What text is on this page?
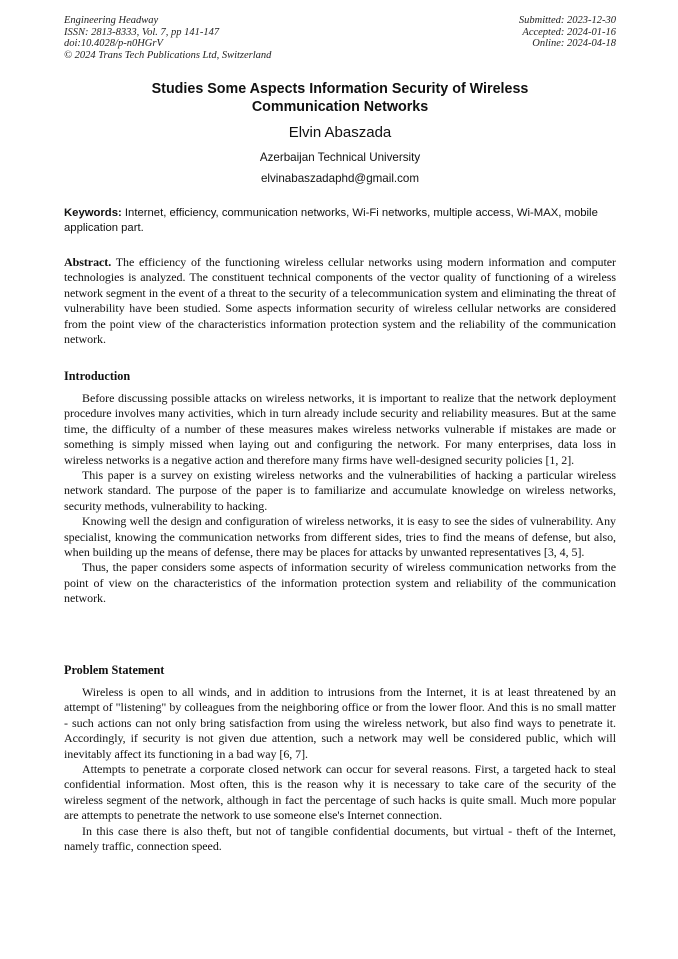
Engineering Headway
ISSN: 2813-8333, Vol. 7, pp 141-147
doi:10.4028/p-n0HGrV
© 2024 Trans Tech Publications Ltd, Switzerland
Submitted: 2023-12-30
Accepted: 2024-01-16
Online: 2024-04-18
Studies Some Aspects Information Security of Wireless
Communication Networks
Elvin Abaszada
Azerbaijan Technical University
elvinabaszadaphd@gmail.com
Keywords: Internet, efficiency, communication networks, Wi-Fi networks, multiple access, Wi-MAX, mobile application part.
Abstract. The efficiency of the functioning wireless cellular networks using modern information and computer technologies is analyzed. The constituent technical components of the vector quality of functioning of a wireless network segment in the event of a threat to the security of a telecommunication system and eliminating the threat of vulnerability have been studied. Some aspects information security of wireless cellular networks are considered from the point view of the characteristics information protection system and the reliability of the communication network.
Introduction

Before discussing possible attacks on wireless networks, it is important to realize that the network deployment procedure involves many activities, which in turn already include security and reliability measures. But at the same time, the difficulty of a number of these measures makes wireless networks vulnerable if mistakes are made or something is simply missed when laying out and configuring the network. For many enterprises, data loss in wireless networks is a negative action and therefore many firms have well-designed security policies [1, 2].

This paper is a survey on existing wireless networks and the vulnerabilities of hacking a particular wireless network standard. The purpose of the paper is to familiarize and accumulate knowledge on wireless networks, security methods, vulnerability to hacking.

Knowing well the design and configuration of wireless networks, it is easy to see the sides of vulnerability. Any specialist, knowing the communication networks from different sides, tries to find the means of defense, but also, when building up the means of defense, there may be places for attacks by unwanted representatives [3, 4, 5].

Thus, the paper considers some aspects of information security of wireless communication networks from the point of view on the characteristics of the information protection system and reliability of the communication network.

Problem Statement

Wireless is open to all winds, and in addition to intrusions from the Internet, it is at least threatened by an attempt of "listening" by colleagues from the neighboring office or from the lower floor. And this is no small matter - such actions can not only bring satisfaction from using the wireless network, but also find ways to penetrate it. Accordingly, if security is not given due attention, such a network may well be considered public, which will inevitably affect its functioning in a bad way [6, 7].

Attempts to penetrate a corporate closed network can occur for several reasons. First, a targeted hack to steal confidential information. Most often, this is the reason why it is necessary to take care of the security of the wireless segment of the network, although in fact the percentage of such hacks is quite small. Much more popular are attempts to penetrate the network to use someone else's Internet connection.

In this case there is also theft, but not of tangible confidential documents, but virtual - theft of the Internet, namely traffic, connection speed.
